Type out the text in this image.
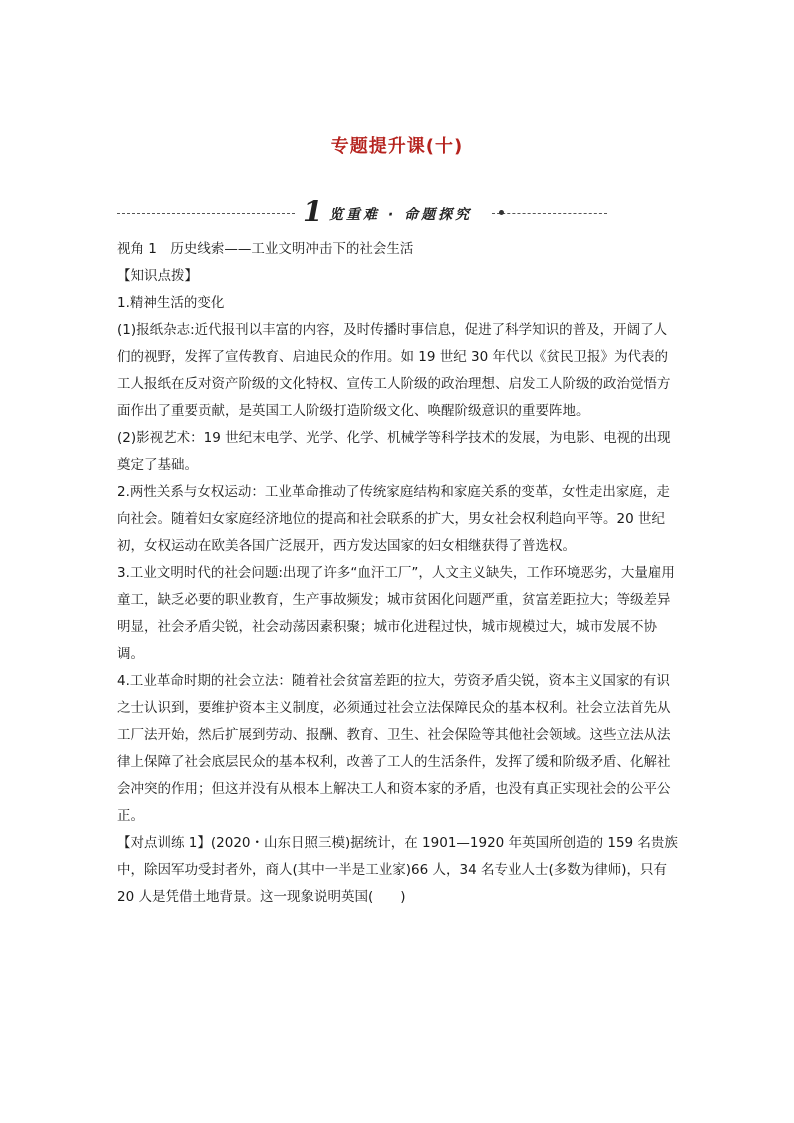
专题提升课(十)
1 览重难 · 命题探究

视角 1　历史线索——工业文明冲击下的社会生活

【知识点拨】

1.精神生活的变化

(1)报纸杂志:近代报刊以丰富的内容，及时传播时事信息，促进了科学知识的普及，开阔了人们的视野，发挥了宣传教育、启迪民众的作用。如 19 世纪 30 年代以《贫民卫报》为代表的工人报纸在反对资产阶级的文化特权、宣传工人阶级的政治理想、启发工人阶级的政治觉悟方面作出了重要贡献，是英国工人阶级打造阶级文化、唤醒阶级意识的重要阵地。

(2)影视艺术：19 世纪末电学、光学、化学、机械学等科学技术的发展，为电影、电视的出现奠定了基础。

2.两性关系与女权运动：工业革命推动了传统家庭结构和家庭关系的变革，女性走出家庭，走向社会。随着妇女家庭经济地位的提高和社会联系的扩大，男女社会权利趋向平等。20 世纪初，女权运动在欧美各国广泛展开，西方发达国家的妇女相继获得了普选权。

3.工业文明时代的社会问题:出现了许多“血汗工厂”，人文主义缺失，工作环境恶劣，大量雇用童工，缺乏必要的职业教育，生产事故频发；城市贫困化问题严重，贫富差距拉大；等级差异明显，社会矛盾尖锐，社会动荡因素积聚；城市化进程过快，城市规模过大，城市发展不协调。

4.工业革命时期的社会立法：随着社会贫富差距的拉大，劳资矛盾尖锐，资本主义国家的有识之士认识到，要维护资本主义制度，必须通过社会立法保障民众的基本权利。社会立法首先从工厂法开始，然后扩展到劳动、报酬、教育、卫生、社会保险等其他社会领域。这些立法从法律上保障了社会底层民众的基本权利，改善了工人的生活条件，发挥了缓和阶级矛盾、化解社会冲突的作用；但这并没有从根本上解决工人和资本家的矛盾，也没有真正实现社会的公平公正。

【对点训练 1】(2020・山东日照三模)据统计，在 1901—1920 年英国所创造的 159 名贵族中，除因军功受封者外，商人(其中一半是工业家)66 人，34 名专业人士(多数为律师)，只有 20 人是凭借土地背景。这一现象说明英国(　　)
